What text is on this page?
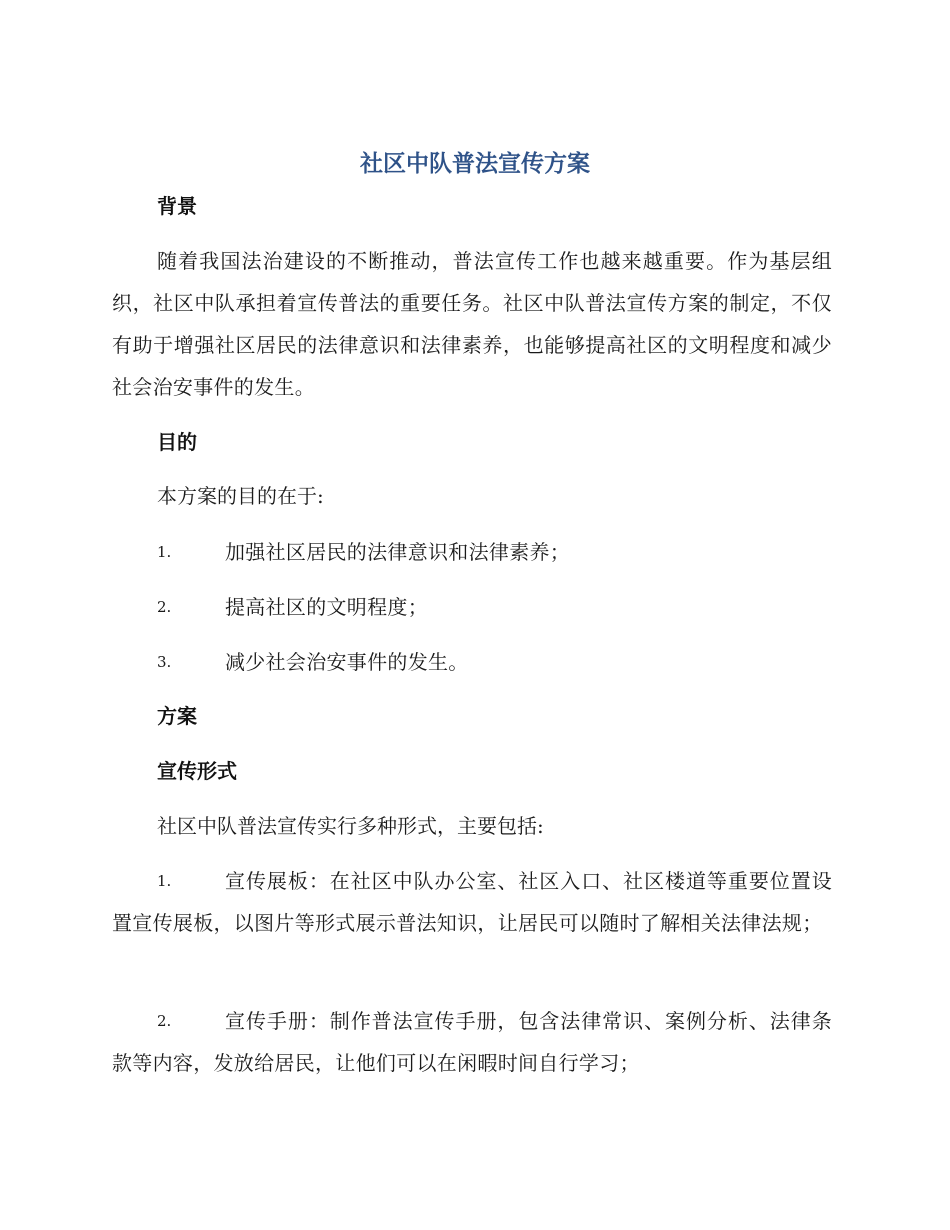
社区中队普法宣传方案
背景

随着我国法治建设的不断推动，普法宣传工作也越来越重要。作为基层组织，社区中队承担着宣传普法的重要任务。社区中队普法宣传方案的制定，不仅有助于增强社区居民的法律意识和法律素养，也能够提高社区的文明程度和减少社会治安事件的发生。

目的

本方案的目的在于:

1.	加强社区居民的法律意识和法律素养；
2.	提高社区的文明程度；
3.	减少社会治安事件的发生。
方案
宣传形式

社区中队普法宣传实行多种形式，主要包括:

1.	宣传展板：在社区中队办公室、社区入口、社区楼道等重要位置设置宣传展板，以图片等形式展示普法知识，让居民可以随时了解相关法律法规；
2.	宣传手册：制作普法宣传手册，包含法律常识、案例分析、法律条款等内容，发放给居民，让他们可以在闲暇时间自行学习；
